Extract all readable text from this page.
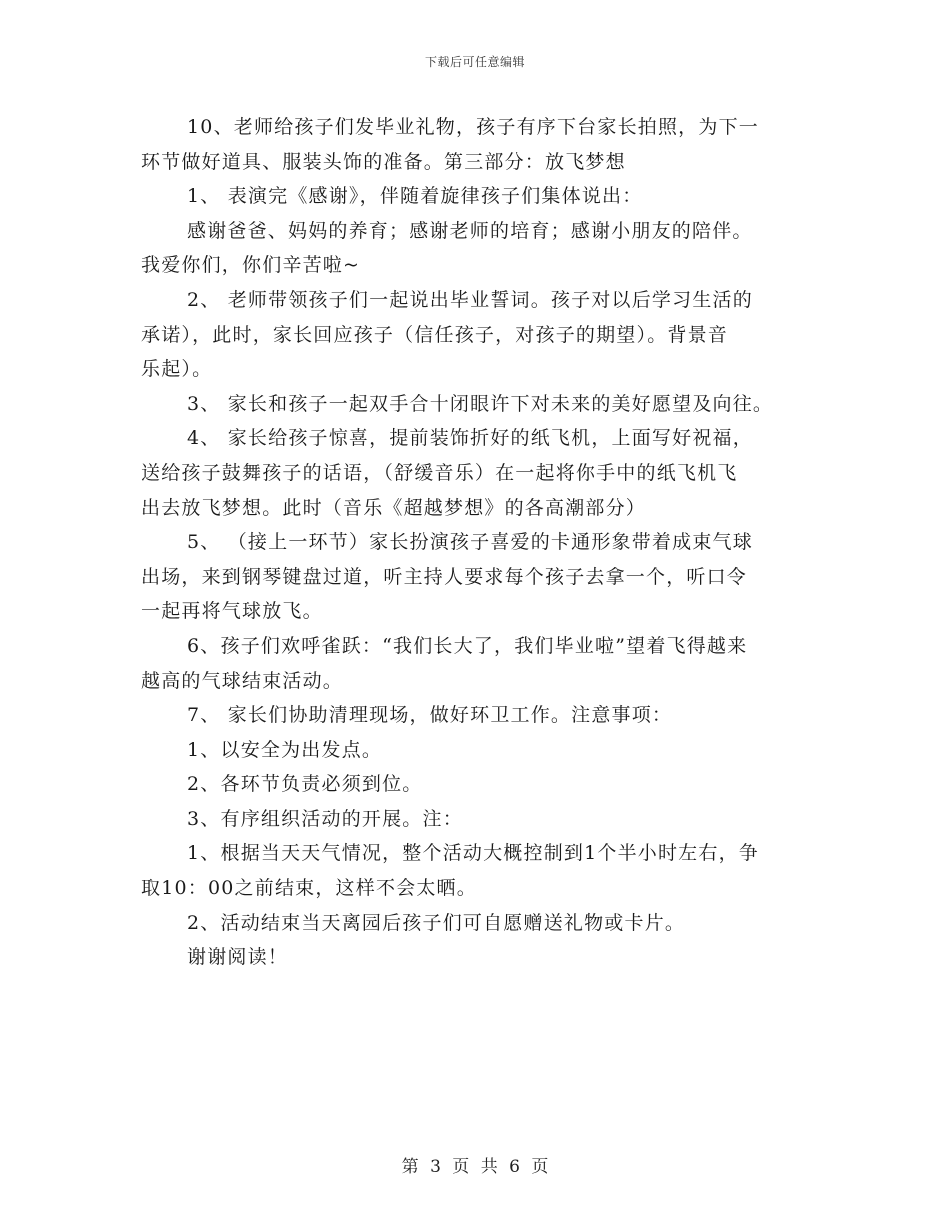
下载后可任意编辑
10、老师给孩子们发毕业礼物，孩子有序下台家长拍照，为下一
环节做好道具、服装头饰的准备。第三部分：放飞梦想
1、 表演完《感谢》，伴随着旋律孩子们集体说出：
感谢爸爸、妈妈的养育；感谢老师的培育；感谢小朋友的陪伴。
我爱你们，你们辛苦啦~
2、 老师带领孩子们一起说出毕业誓词。孩子对以后学习生活的
承诺），此时，家长回应孩子（信任孩子，对孩子的期望）。背景音
乐起）。
3、 家长和孩子一起双手合十闭眼许下对未来的美好愿望及向往。
4、 家长给孩子惊喜，提前装饰折好的纸飞机，上面写好祝福，
送给孩子鼓舞孩子的话语，（舒缓音乐）在一起将你手中的纸飞机飞
出去放飞梦想。此时（音乐《超越梦想》的各高潮部分）
5、 （接上一环节）家长扮演孩子喜爱的卡通形象带着成束气球
出场，来到钢琴键盘过道，听主持人要求每个孩子去拿一个，听口令
一起再将气球放飞。
6、孩子们欢呼雀跃：“我们长大了，我们毕业啦”望着飞得越来
越高的气球结束活动。
7、 家长们协助清理现场，做好环卫工作。注意事项：
1、以安全为出发点。
2、各环节负责必须到位。
3、有序组织活动的开展。注：
1、根据当天天气情况，整个活动大概控制到1个半小时左右，争
取10：00之前结束，这样不会太晒。
2、活动结束当天离园后孩子们可自愿赠送礼物或卡片。
谢谢阅读！
第 3 页 共 6 页
